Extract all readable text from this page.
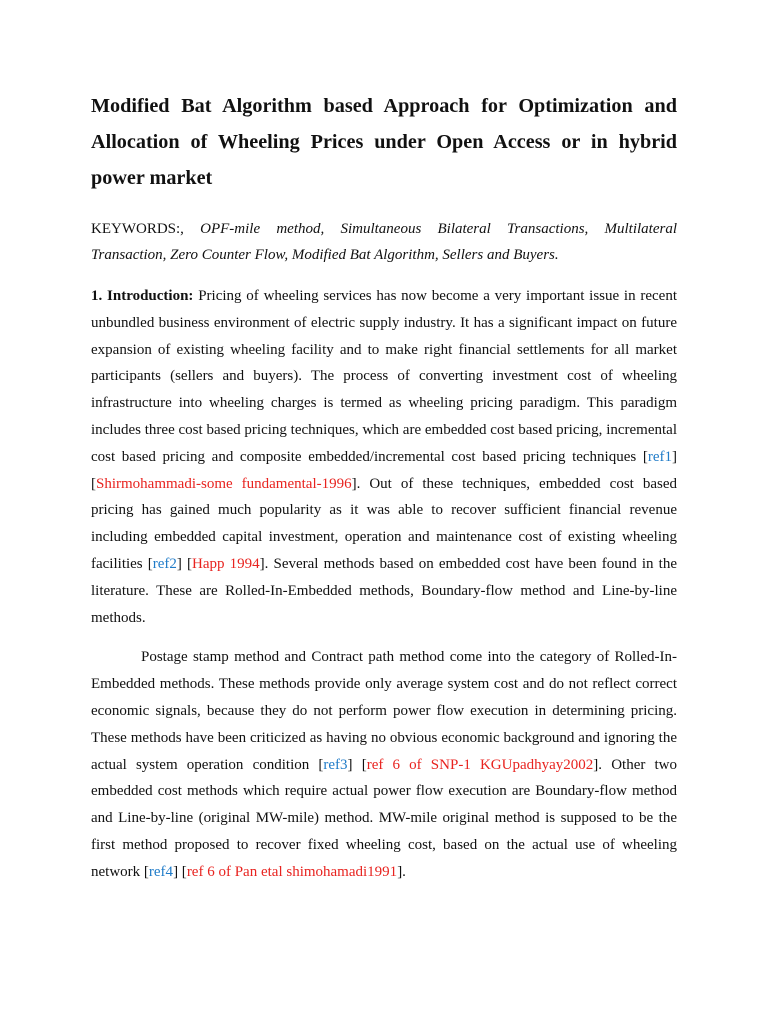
Modified Bat Algorithm based Approach for Optimization and
Allocation of Wheeling Prices under Open Access or in hybrid
power market

KEYWORDS:, OPF-mile method, Simultaneous Bilateral Transactions, Multilateral Transaction, Zero Counter Flow, Modified Bat Algorithm, Sellers and Buyers.

1. Introduction: Pricing of wheeling services has now become a very important issue in recent unbundled business environment of electric supply industry. It has a significant impact on future expansion of existing wheeling facility and to make right financial settlements for all market participants (sellers and buyers). The process of converting investment cost of wheeling infrastructure into wheeling charges is termed as wheeling pricing paradigm. This paradigm includes three cost based pricing techniques, which are embedded cost based pricing, incremental cost based pricing and composite embedded/incremental cost based pricing techniques [ref1] [Shirmohammadi-some fundamental-1996]. Out of these techniques, embedded cost based pricing has gained much popularity as it was able to recover sufficient financial revenue including embedded capital investment, operation and maintenance cost of existing wheeling facilities [ref2] [Happ 1994]. Several methods based on embedded cost have been found in the literature. These are Rolled-In-Embedded methods, Boundary-flow method and Line-by-line methods.

Postage stamp method and Contract path method come into the category of Rolled-In-Embedded methods. These methods provide only average system cost and do not reflect correct economic signals, because they do not perform power flow execution in determining pricing. These methods have been criticized as having no obvious economic background and ignoring the actual system operation condition [ref3] [ref 6 of SNP-1 KGUpadhyay2002]. Other two embedded cost methods which require actual power flow execution are Boundary-flow method and Line-by-line (original MW-mile) method. MW-mile original method is supposed to be the first method proposed to recover fixed wheeling cost, based on the actual use of wheeling network [ref4] [ref 6 of Pan etal shimohamadi1991].
